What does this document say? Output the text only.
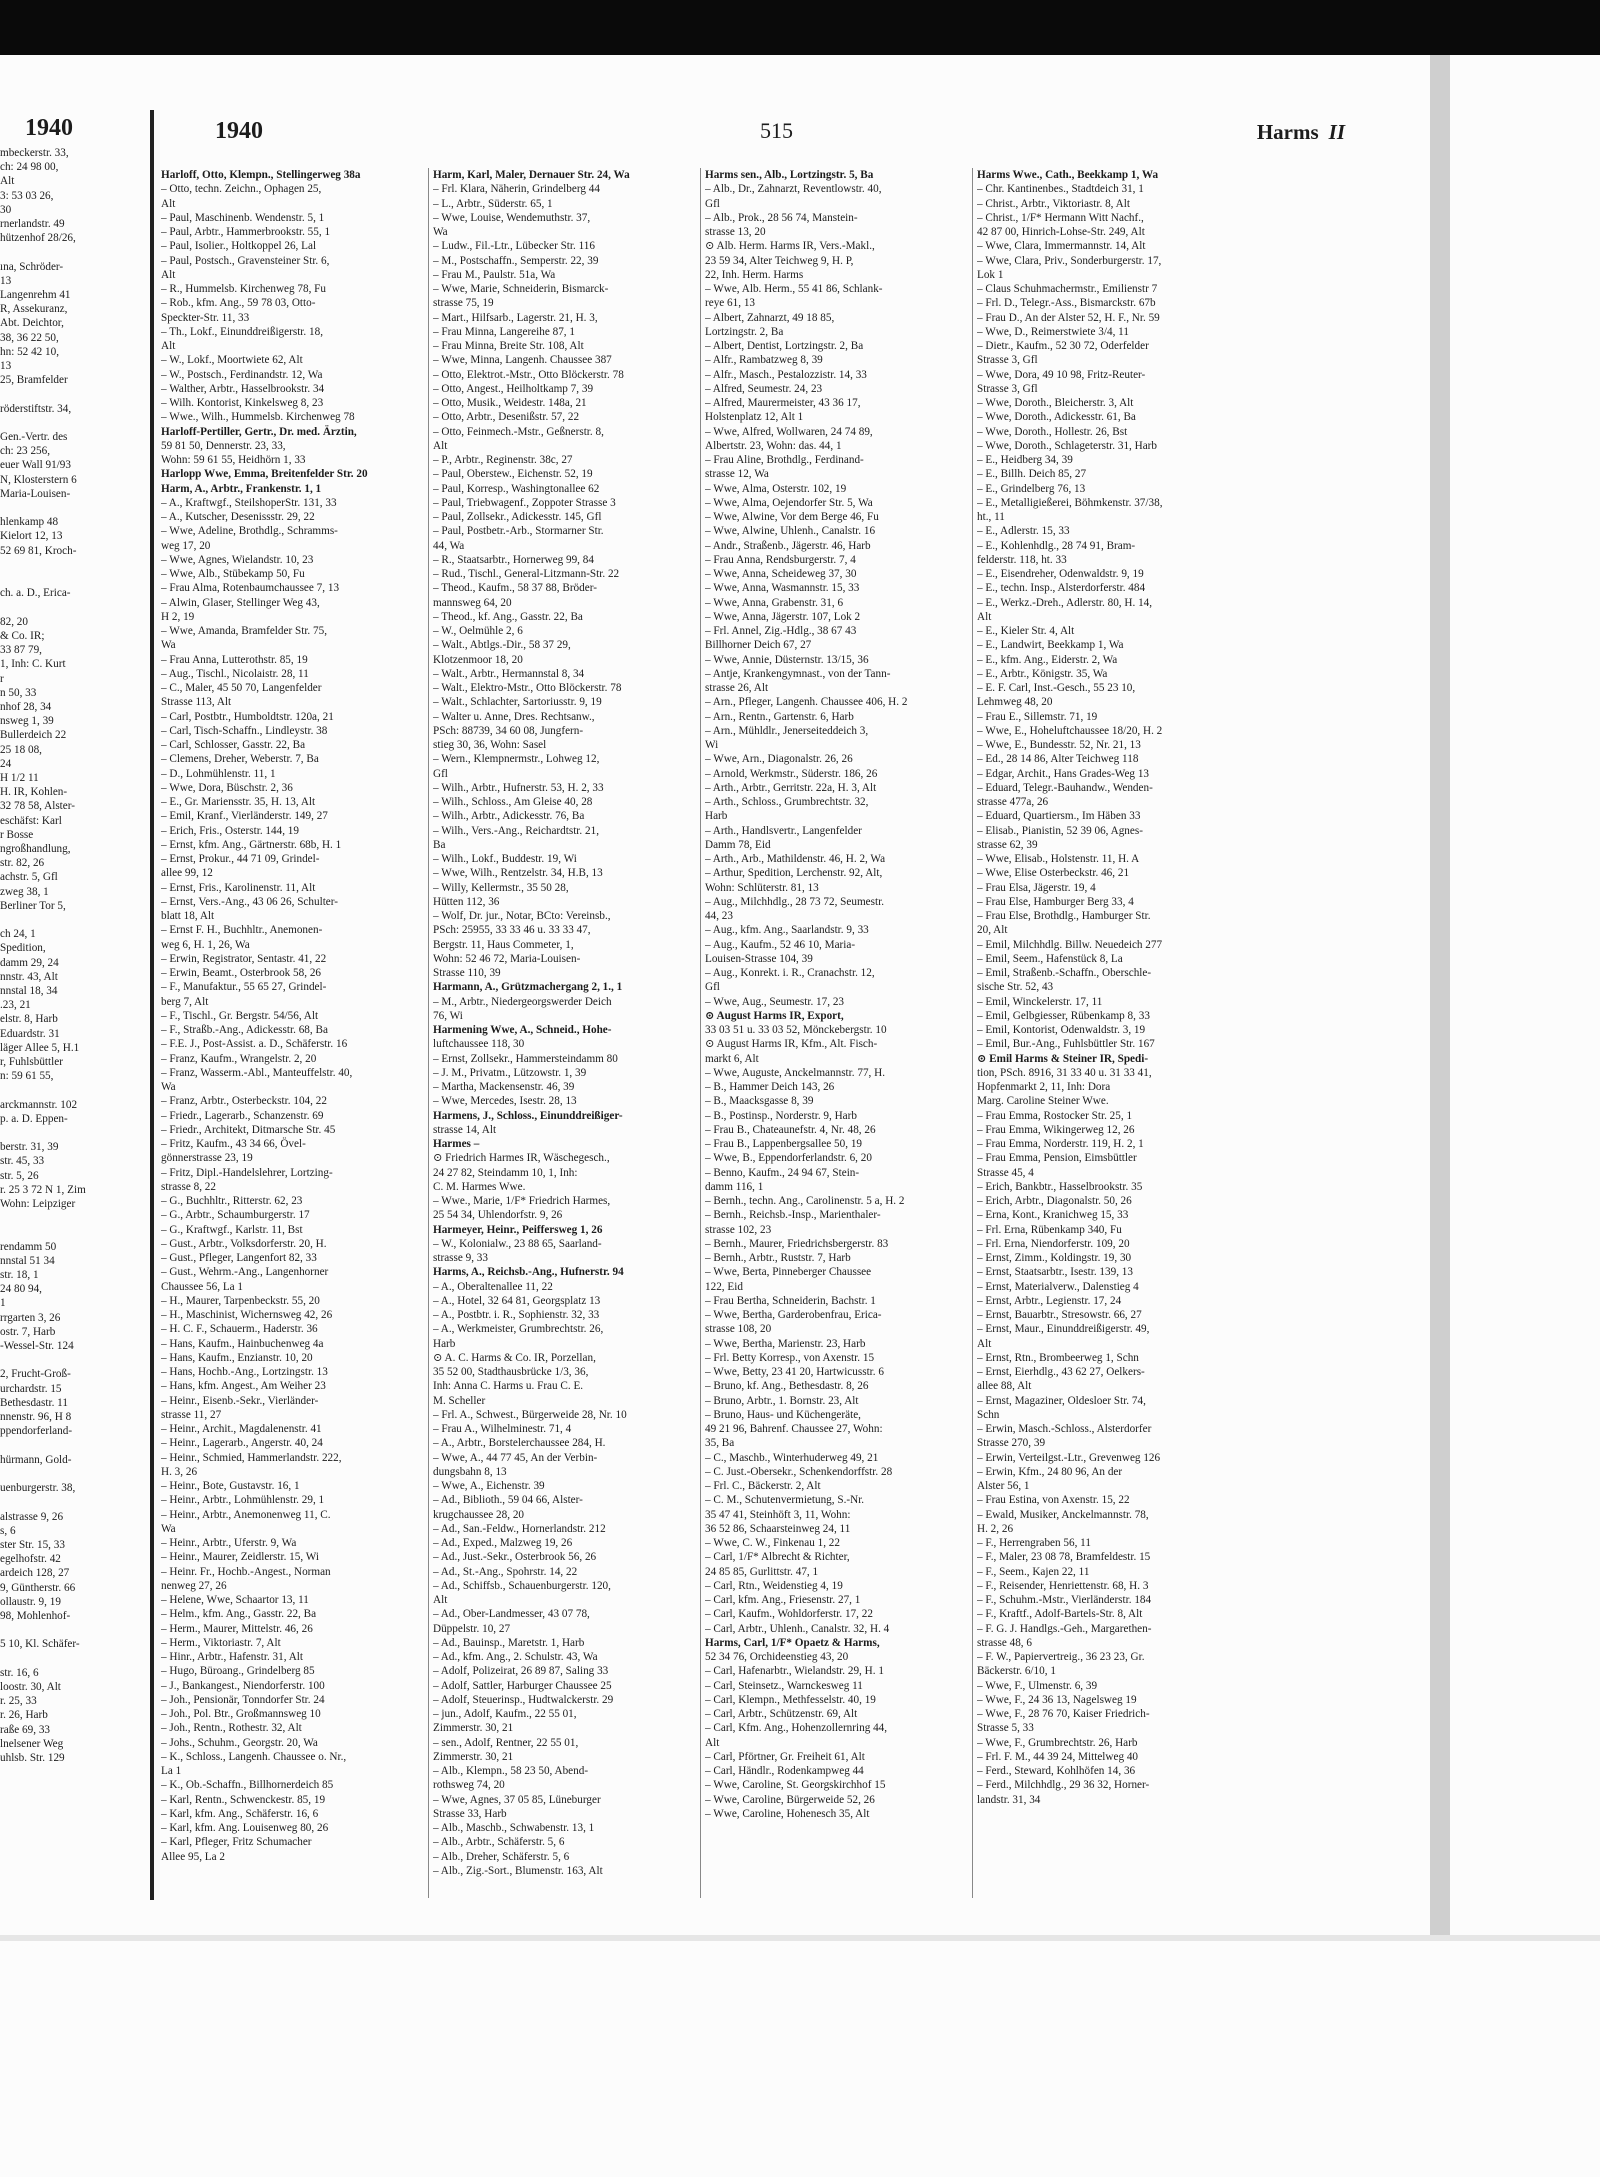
1940
mbeckerstr. 33,
ch: 24 98 00,
Alt
3: 53 03 26,
30
rnerlandstr. 49
hützenhof 28/26,

ına, Schröder-
13
Langenrehm 41
R, Assekuranz,
Abt. Deichtor,
38, 36 22 50,
hn: 52 42 10,
13
25, Bramfelder

röderstiftstr. 34,

Gen.-Vertr. des
ch: 23 256,
euer Wall 91/93
N, Klosterstern 6
Maria-Louisen-

hlenkamp 48
Kielort 12, 13
52 69 81, Kroch-

ch. a. D., Erica-

82, 20
& Co. IR;
33 87 79,
1, Inh: C. Kurt
r
n 50, 33
nhof 28, 34
nsweg 1, 39
Bullerdeich 22
25 18 08,
24
H 1/2 11
H. IR, Kohlen-
32 78 58, Alster-
eschäfst: Karl
r Bosse
ngroßhandlung,
str. 82, 26
achstr. 5, Gfl
zweg 38, 1
Berliner Tor 5,

ch 24, 1
Spedition,
damm 29, 24
nnstr. 43, Alt
nnstal 18, 34
.23, 21
elstr. 8, Harb
Eduardstr. 31
läger Allee 5, H.1
r, Fuhlsbüttler
n: 59 61 55,

arckmannstr. 102
p. a. D. Eppen-

berstr. 31, 39
str. 45, 33
str. 5, 26
r. 25 3 72 N 1, Zim
Wohn: Leipziger

rendamm 50
nnstal 51 34
str. 18, 1
24 80 94,
1
rrgarten 3, 26
ostr. 7, Harb
-Wessel-Str. 124

2, Frucht-Groß-
urchardstr. 15
Bethesdastr. 11
nnenstr. 96, H 8
ppendorferland-

hürmann, Gold-

uenburgerstr. 38,

alstrasse 9, 26
s, 6
ster Str. 15, 33
egelhofstr. 42
ardeich 128, 27
9, Güntherstr. 66
ollaustr. 9, 19
98, Mohlenhof-

5 10, Kl. Schäfer-

str. 16, 6
loostr. 30, Alt
r. 25, 33
r. 26, Harb
raße 69, 33
lnelsener Weg
uhlsb. Str. 129
1940	515	Harms II
Harloff, Otto, Klempn., Stellingerweg 38a
– Otto, techn. Zeichn., Ophagen 25,
Alt
– Paul, Maschinenb. Wendenstr. 5, 1
– Paul, Arbtr., Hammerbrookstr. 55, 1
– Paul, Isolier., Holtkoppel 26, Lal
– Paul, Postsch., Gravensteiner Str. 6,
Alt
– R., Hummelsb. Kirchenweg 78, Fu
– Rob., kfm. Ang., 59 78 03, Otto-
Speckter-Str. 11, 33
– Th., Lokf., Einunddreißigerstr. 18,
Alt
– W., Lokf., Moortwiete 62, Alt
– W., Postsch., Ferdinandstr. 12, Wa
– Walther, Arbtr., Hasselbrookstr. 34
– Wilh. Kontorist, Kinkelsweg 8, 23
– Wwe., Wilh., Hummelsb. Kirchenweg 78
Harloff-Pertiller, Gertr., Dr. med. Ärztin,
59 81 50, Dennerstr. 23, 33,
Wohn: 59 61 55, Heidhörn 1, 33
Harlopp Wwe, Emma, Breitenfelder Str. 20
Harm, A., Arbtr., Frankenstr. 1, 1
– A., Kraftwgf., SteilshoperStr. 131, 33
– A., Kutscher, Desenissstr. 29, 22
– Wwe, Adeline, Brothdlg., Schramms-
weg 17, 20
– Wwe, Agnes, Wielandstr. 10, 23
– Wwe, Alb., Stübekamp 50, Fu
– Frau Alma, Rotenbaumchaussee 7, 13
– Alwin, Glaser, Stellinger Weg 43,
H 2, 19
– Wwe, Amanda, Bramfelder Str. 75,
Wa
– Frau Anna, Lutterothstr. 85, 19
– Aug., Tischl., Nicolaistr. 28, 11
– C., Maler, 45 50 70, Langenfelder
Strasse 113, Alt
– Carl, Postbtr., Humboldtstr. 120a, 21
– Carl, Tisch-Schaffn., Lindleystr. 38
– Carl, Schlosser, Gasstr. 22, Ba
– Clemens, Dreher, Weberstr. 7, Ba
– D., Lohmühlenstr. 11, 1
– Wwe, Dora, Büschstr. 2, 36
– E., Gr. Mariensstr. 35, H. 13, Alt
– Emil, Kranf., Vierländerstr. 149, 27
– Erich, Fris., Osterstr. 144, 19
– Ernst, kfm. Ang., Gärtnerstr. 68b, H. 1
– Ernst, Prokur., 44 71 09, Grindel-
allee 99, 12
– Ernst, Fris., Karolinenstr. 11, Alt
– Ernst, Vers.-Ang., 43 06 26, Schulter-
blatt 18, Alt
– Ernst F. H., Buchhltr., Anemonen-
weg 6, H. 1, 26, Wa
– Erwin, Registrator, Sentastr. 41, 22
– Erwin, Beamt., Osterbrook 58, 26
– F., Manufaktur., 55 65 27, Grindel-
berg 7, Alt
– F., Tischl., Gr. Bergstr. 54/56, Alt
– F., Straßb.-Ang., Adickesstr. 68, Ba
– F.E. J., Post-Assist. a. D., Schäferstr. 16
– Franz, Kaufm., Wrangelstr. 2, 20
– Franz, Wasserm.-Abl., Manteuffelstr. 40,
Wa
– Franz, Arbtr., Osterbeckstr. 104, 22
– Friedr., Lagerarb., Schanzenstr. 69
– Friedr., Architekt, Ditmarsche Str. 45
– Fritz, Kaufm., 43 34 66, Övel-
gönnerstrasse 23, 19
– Fritz, Dipl.-Handelslehrer, Lortzing-
strasse 8, 22
– G., Buchhltr., Ritterstr. 62, 23
– G., Arbtr., Schaumburgerstr. 17
– G., Kraftwgf., Karlstr. 11, Bst
– Gust., Arbtr., Volksdorferstr. 20, H.
– Gust., Pfleger, Langenfort 82, 33
– Gust., Wehrm.-Ang., Langenhorner
Chaussee 56, La 1
– H., Maurer, Tarpenbeckstr. 55, 20
– H., Maschinist, Wichernsweg 42, 26
– H. C. F., Schauerm., Haderstr. 36
– Hans, Kaufm., Hainbuchenweg 4a
– Hans, Kaufm., Enzianstr. 10, 20
– Hans, Hochb.-Ang., Lortzingstr. 13
– Hans, kfm. Angest., Am Weiher 23
– Heinr., Eisenb.-Sekr., Vierländer-
strasse 11, 27
– Heinr., Archit., Magdalenenstr. 41
– Heinr., Lagerarb., Angerstr. 40, 24
– Heinr., Schmied, Hammerlandstr. 222,
H. 3, 26
– Heinr., Bote, Gustavstr. 16, 1
– Heinr., Arbtr., Lohmühlenstr. 29, 1
– Heinr., Arbtr., Anemonenweg 11, C.
Wa
– Heinr., Arbtr., Uferstr. 9, Wa
– Heinr., Maurer, Zeidlerstr. 15, Wi
– Heinr. Fr., Hochb.-Angest., Norman
nenweg 27, 26
– Helene, Wwe, Schaartor 13, 11
– Helm., kfm. Ang., Gasstr. 22, Ba
– Herm., Maurer, Mittelstr. 46, 26
– Herm., Viktoriastr. 7, Alt
– Hinr., Arbtr., Hafenstr. 31, Alt
– Hugo, Büroang., Grindelberg 85
– J., Bankangest., Niendorferstr. 100
– Joh., Pensionär, Tonndorfer Str. 24
– Joh., Pol. Btr., Großmannsweg 10
– Joh., Rentn., Rothestr. 32, Alt
– Johs., Schuhm., Georgstr. 20, Wa
– K., Schloss., Langenh. Chaussee o. Nr.,
La 1
– K., Ob.-Schaffn., Billhornerdeich 85
– Karl, Rentn., Schwenckestr. 85, 19
– Karl, kfm. Ang., Schäferstr. 16, 6
– Karl, kfm. Ang. Louisenweg 80, 26
– Karl, Pfleger, Fritz Schumacher
Allee 95, La 2
Harm, Karl, Maler, Dernauer Str. 24, Wa
– Frl. Klara, Näherin, Grindelberg 44
– L., Arbtr., Süderstr. 65, 1
– Wwe, Louise, Wendemuthstr. 37,
Wa
– Ludw., Fil.-Ltr., Lübecker Str. 116
– M., Postschaffn., Semperstr. 22, 39
– Frau M., Paulstr. 51a, Wa
– Wwe, Marie, Schneiderin, Bismarck-
strasse 75, 19
– Mart., Hilfsarb., Lagerstr. 21, H. 3,
– Frau Minna, Langereihe 87, 1
– Frau Minna, Breite Str. 108, Alt
– Wwe, Minna, Langenh. Chaussee 387
– Otto, Elektrot.-Mstr., Otto Blöckerstr. 78
– Otto, Angest., Heilholtkamp 7, 39
– Otto, Musik., Weidestr. 148a, 21
– Otto, Arbtr., Desenißstr. 57, 22
– Otto, Feinmech.-Mstr., Geßnerstr. 8,
Alt
– P., Arbtr., Reginenstr. 38c, 27
– Paul, Oberstew., Eichenstr. 52, 19
– Paul, Korresp., Washingtonallee 62
– Paul, Triebwagenf., Zoppoter Strasse 3
– Paul, Zollsekr., Adickesstr. 145, Gfl
– Paul, Postbetr.-Arb., Stormarner Str.
44, Wa
– R., Staatsarbtr., Hornerweg 99, 84
– Rud., Tischl., General-Litzmann-Str. 22
– Theod., Kaufm., 58 37 88, Bröder-
mannsweg 64, 20
– Theod., kf. Ang., Gasstr. 22, Ba
– W., Oelmühle 2, 6
– Walt., Abtlgs.-Dir., 58 37 29,
Klotzenmoor 18, 20
– Walt., Arbtr., Hermannstal 8, 34
– Walt., Elektro-Mstr., Otto Blöckerstr. 78
– Walt., Schlachter, Sartoriusstr. 9, 19
– Walter u. Anne, Dres. Rechtsanw.,
PSch: 88739, 34 60 08, Jungfern-
stieg 30, 36, Wohn: Sasel
– Wern., Klempnermstr., Lohweg 12,
Gfl
– Wilh., Arbtr., Hufnerstr. 53, H. 2, 33
– Wilh., Schloss., Am Gleise 40, 28
– Wilh., Arbtr., Adickesstr. 76, Ba
– Wilh., Vers.-Ang., Reichardtstr. 21,
Ba
– Wilh., Lokf., Buddestr. 19, Wi
– Wwe, Wilh., Rentzelstr. 34, H.B, 13
– Willy, Kellermstr., 35 50 28,
Hütten 112, 36
– Wolf, Dr. jur., Notar, BCto: Vereinsb.,
PSch: 25955, 33 33 46 u. 33 33 47,
Bergstr. 11, Haus Commeter, 1,
Wohn: 52 46 72, Maria-Louisen-
Strasse 110, 39
Harmann, A., Grützmachergang 2, 1., 1
– M., Arbtr., Niedergeorgswerder Deich
76, Wi
Harmening Wwe, A., Schneid., Hohe-
luftchaussee 118, 30
– Ernst, Zollsekr., Hammersteindamm 80
– J. M., Privatm., Lützowstr. 1, 39
– Martha, Mackensenstr. 46, 39
– Wwe, Mercedes, Isestr. 28, 13
Harmens, J., Schloss., Einunddreißiger-
strasse 14, Alt
Harmes –
⊙ Friedrich Harmes IR, Wäschegesch.,
24 27 82, Steindamm 10, 1, Inh:
C. M. Harmes Wwe.
– Wwe., Marie, 1/F* Friedrich Harmes,
25 54 34, Uhlendorfstr. 9, 26
Harmeyer, Heinr., Peiffersweg 1, 26
– W., Kolonialw., 23 88 65, Saarland-
strasse 9, 33
Harms, A., Reichsb.-Ang., Hufnerstr. 94
– A., Oberaltenallee 11, 22
– A., Hotel, 32 64 81, Georgsplatz 13
– A., Postbtr. i. R., Sophienstr. 32, 33
– A., Werkmeister, Grumbrechtstr. 26,
Harb
⊙ A. C. Harms & Co. IR, Porzellan,
35 52 00, Stadthausbrücke 1/3, 36,
Inh: Anna C. Harms u. Frau C. E.
M. Scheller
– Frl. A., Schwest., Bürgerweide 28, Nr. 10
– Frau A., Wilhelminestr. 71, 4
– A., Arbtr., Borstelerchaussee 284, H.
– Wwe, A., 44 77 45, An der Verbin-
dungsbahn 8, 13
– Wwe, A., Eichenstr. 39
– Ad., Biblioth., 59 04 66, Alster-
krugchaussee 28, 20
– Ad., San.-Feldw., Hornerlandstr. 212
– Ad., Exped., Malzweg 19, 26
– Ad., Just.-Sekr., Osterbrook 56, 26
– Ad., St.-Ang., Spohrstr. 14, 22
– Ad., Schiffsb., Schauenburgerstr. 120,
Alt
– Ad., Ober-Landmesser, 43 07 78,
Düppelstr. 10, 27
– Ad., Bauinsp., Maretstr. 1, Harb
– Ad., kfm. Ang., 2. Schulstr. 43, Wa
– Adolf, Polizeirat, 26 89 87, Saling 33
– Adolf, Sattler, Harburger Chaussee 25
– Adolf, Steuerinsp., Hudtwalckerstr. 29
– jun., Adolf, Kaufm., 22 55 01,
Zimmerstr. 30, 21
– sen., Adolf, Rentner, 22 55 01,
Zimmerstr. 30, 21
– Alb., Klempn., 58 23 50, Abend-
rothsweg 74, 20
– Wwe, Agnes, 37 05 85, Lüneburger
Strasse 33, Harb
– Alb., Maschb., Schwabenstr. 13, 1
– Alb., Arbtr., Schäferstr. 5, 6
– Alb., Dreher, Schäferstr. 5, 6
– Alb., Zig.-Sort., Blumenstr. 163, Alt
Harms sen., Alb., Lortzingstr. 5, Ba
– Alb., Dr., Zahnarzt, Reventlowstr. 40,
Gfl
– Alb., Prok., 28 56 74, Manstein-
strasse 13, 20
⊙ Alb. Herm. Harms IR, Vers.-Makl.,
23 59 34, Alter Teichweg 9, H. P,
22, Inh. Herm. Harms
– Wwe, Alb. Herm., 55 41 86, Schlank-
reye 61, 13
– Albert, Zahnarzt, 49 18 85,
Lortzingstr. 2, Ba
– Albert, Dentist, Lortzingstr. 2, Ba
– Alfr., Rambatzweg 8, 39
– Alfr., Masch., Pestalozzistr. 14, 33
– Alfred, Seumestr. 24, 23
– Alfred, Maurermeister, 43 36 17,
Holstenplatz 12, Alt 1
– Wwe, Alfred, Wollwaren, 24 74 89,
Albertstr. 23, Wohn: das. 44, 1
– Frau Aline, Brothdlg., Ferdinand-
strasse 12, Wa
– Wwe, Alma, Osterstr. 102, 19
– Wwe, Alma, Oejendorfer Str. 5, Wa
– Wwe, Alwine, Vor dem Berge 46, Fu
– Wwe, Alwine, Uhlenh., Canalstr. 16
– Andr., Straßenb., Jägerstr. 46, Harb
– Frau Anna, Rendsburgerstr. 7, 4
– Wwe, Anna, Scheideweg 37, 30
– Wwe, Anna, Wasmannstr. 15, 33
– Wwe, Anna, Grabenstr. 31, 6
– Wwe, Anna, Jägerstr. 107, Lok 2
– Frl. Annel, Zig.-Hdlg., 38 67 43
Billhorner Deich 67, 27
– Wwe, Annie, Düsternstr. 13/15, 36
– Antje, Krankengymnast., von der Tann-
strasse 26, Alt
– Arn., Pfleger, Langenh. Chaussee 406, H. 2
– Arn., Rentn., Gartenstr. 6, Harb
– Arn., Mühldlr., Jenerseiteddeich 3,
Wi
– Wwe, Arn., Diagonalstr. 26, 26
– Arnold, Werkmstr., Süderstr. 186, 26
– Arth., Arbtr., Gerritstr. 22a, H. 3, Alt
– Arth., Schloss., Grumbrechtstr. 32,
Harb
– Arth., Handlsvertr., Langenfelder
Damm 78, Eid
– Arth., Arb., Mathildenstr. 46, H. 2, Wa
– Arthur, Spedition, Lerchenstr. 92, Alt,
Wohn: Schlüterstr. 81, 13
– Aug., Milchhdlg., 28 73 72, Seumestr.
44, 23
– Aug., kfm. Ang., Saarlandstr. 9, 33
– Aug., Kaufm., 52 46 10, Maria-
Louisen-Strasse 104, 39
– Aug., Konrekt. i. R., Cranachstr. 12,
Gfl
– Wwe, Aug., Seumestr. 17, 23
⊙ August Harms IR, Export,
33 03 51 u. 33 03 52, Mönckebergstr. 10
⊙ August Harms IR, Kfm., Alt. Fisch-
markt 6, Alt
– Wwe, Auguste, Anckelmannstr. 77, H.
– B., Hammer Deich 143, 26
– B., Maacksgasse 8, 39
– B., Postinsp., Norderstr. 9, Harb
– Frau B., Chateaunefstr. 4, Nr. 48, 26
– Frau B., Lappenbergsallee 50, 19
– Wwe, B., Eppendorferlandstr. 6, 20
– Benno, Kaufm., 24 94 67, Stein-
damm 116, 1
– Bernh., techn. Ang., Carolinenstr. 5 a, H. 2
– Bernh., Reichsb.-Insp., Marienthaler-
strasse 102, 23
– Bernh., Maurer, Friedrichsbergerstr. 83
– Bernh., Arbtr., Ruststr. 7, Harb
– Wwe, Berta, Pinneberger Chaussee
122, Eid
– Frau Bertha, Schneiderin, Bachstr. 1
– Wwe, Bertha, Garderobenfrau, Erica-
strasse 108, 20
– Wwe, Bertha, Marienstr. 23, Harb
– Frl. Betty Korresp., von Axenstr. 15
– Wwe, Betty, 23 41 20, Hartwicusstr. 6
– Bruno, kf. Ang., Bethesdastr. 8, 26
– Bruno, Arbtr., 1. Bornstr. 23, Alt
– Bruno, Haus- und Küchengeräte,
49 21 96, Bahrenf. Chaussee 27, Wohn:
35, Ba
– C., Maschb., Winterhuderweg 49, 21
– C. Just.-Obersekr., Schenkendorffstr. 28
– Frl. C., Bäckerstr. 2, Alt
– C. M., Schutenvermietung, S.-Nr.
35 47 41, Steinhöft 3, 11, Wohn:
36 52 86, Schaarsteinweg 24, 11
– Wwe, C. W., Finkenau 1, 22
– Carl, 1/F* Albrecht & Richter,
24 85 85, Gurlittstr. 47, 1
– Carl, Rtn., Weidenstieg 4, 19
– Carl, kfm. Ang., Friesenstr. 27, 1
– Carl, Kaufm., Wohldorferstr. 17, 22
– Carl, Arbtr., Uhlenh., Canalstr. 32, H. 4
Harms, Carl, 1/F* Opaetz & Harms,
52 34 76, Orchideenstieg 43, 20
– Carl, Hafenarbtr., Wielandstr. 29, H. 1
– Carl, Steinsetz., Warnckesweg 11
– Carl, Klempn., Methfesselstr. 40, 19
– Carl, Arbtr., Schützenstr. 69, Alt
– Carl, Kfm. Ang., Hohenzollernring 44,
Alt
– Carl, Pförtner, Gr. Freiheit 61, Alt
– Carl, Händlr., Rodenkampweg 44
– Wwe, Caroline, St. Georgskirchhof 15
– Wwe, Caroline, Bürgerweide 52, 26
– Wwe, Caroline, Hohenesch 35, Alt
Harms Wwe., Cath., Beekkamp 1, Wa
– Chr. Kantinenbes., Stadtdeich 31, 1
– Christ., Arbtr., Viktoriastr. 8, Alt
– Christ., 1/F* Hermann Witt Nachf.,
42 87 00, Hinrich-Lohse-Str. 249, Alt
– Wwe, Clara, Immermannstr. 14, Alt
– Wwe, Clara, Priv., Sonderburgerstr. 17,
Lok 1
– Claus Schuhmachermstr., Emilienstr 7
– Frl. D., Telegr.-Ass., Bismarckstr. 67b
– Frau D., An der Alster 52, H. F., Nr. 59
– Wwe, D., Reimerstwiete 3/4, 11
– Dietr., Kaufm., 52 30 72, Oderfelder
Strasse 3, Gfl
– Wwe, Dora, 49 10 98, Fritz-Reuter-
Strasse 3, Gfl
– Wwe, Doroth., Bleicherstr. 3, Alt
– Wwe, Doroth., Adickesstr. 61, Ba
– Wwe, Doroth., Hollestr. 26, Bst
– Wwe, Doroth., Schlageterstr. 31, Harb
– E., Heidberg 34, 39
– E., Billh. Deich 85, 27
– E., Grindelberg 76, 13
– E., Metalligießerei, Böhmkenstr. 37/38,
ht., 11
– E., Adlerstr. 15, 33
– E., Kohlenhdlg., 28 74 91, Bram-
felderstr. 118, ht. 33
– E., Eisendreher, Odenwaldstr. 9, 19
– E., techn. Insp., Alsterdorferstr. 484
– E., Werkz.-Dreh., Adlerstr. 80, H. 14,
Alt
– E., Kieler Str. 4, Alt
– E., Landwirt, Beekkamp 1, Wa
– E., kfm. Ang., Eiderstr. 2, Wa
– E., Arbtr., Königstr. 35, Wa
– E. F. Carl, Inst.-Gesch., 55 23 10,
Lehmweg 48, 20
– Frau E., Sillemstr. 71, 19
– Wwe, E., Hoheluftchaussee 18/20, H. 2
– Wwe, E., Bundesstr. 52, Nr. 21, 13
– Ed., 28 14 86, Alter Teichweg 118
– Edgar, Archit., Hans Grades-Weg 13
– Eduard, Telegr.-Bauhandw., Wenden-
strasse 477a, 26
– Eduard, Quartiersm., Im Häben 33
– Elisab., Pianistin, 52 39 06, Agnes-
strasse 62, 39
– Wwe, Elisab., Holstenstr. 11, H. A
– Wwe, Elise Osterbeckstr. 46, 21
– Frau Elsa, Jägerstr. 19, 4
– Frau Else, Hamburger Berg 33, 4
– Frau Else, Brothdlg., Hamburger Str.
20, Alt
– Emil, Milchhdlg. Billw. Neuedeich 277
– Emil, Seem., Hafenstück 8, La
– Emil, Straßenb.-Schaffn., Oberschle-
sische Str. 52, 43
– Emil, Winckelerstr. 17, 11
– Emil, Gelbgiesser, Rübenkamp 8, 33
– Emil, Kontorist, Odenwaldstr. 3, 19
– Emil, Bur.-Ang., Fuhlsbüttler Str. 167
⊙ Emil Harms & Steiner IR, Spedi-
tion, PSch. 8916, 31 33 40 u. 31 33 41,
Hopfenmarkt 2, 11, Inh: Dora
Marg. Caroline Steiner Wwe.
– Frau Emma, Rostocker Str. 25, 1
– Frau Emma, Wikingerweg 12, 26
– Frau Emma, Norderstr. 119, H. 2, 1
– Frau Emma, Pension, Eimsbüttler
Strasse 45, 4
– Erich, Bankbtr., Hasselbrookstr. 35
– Erich, Arbtr., Diagonalstr. 50, 26
– Erna, Kont., Kranichweg 15, 33
– Frl. Erna, Rübenkamp 340, Fu
– Frl. Erna, Niendorferstr. 109, 20
– Ernst, Zimm., Koldingstr. 19, 30
– Ernst, Staatsarbtr., Isestr. 139, 13
– Ernst, Materialverw., Dalenstieg 4
– Ernst, Arbtr., Legienstr. 17, 24
– Ernst, Bauarbtr., Stresowstr. 66, 27
– Ernst, Maur., Einunddreißigerstr. 49,
Alt
– Ernst, Rtn., Brombeerweg 1, Schn
– Ernst, Eierhdlg., 43 62 27, Oelkers-
allee 88, Alt
– Ernst, Magaziner, Oldesloer Str. 74,
Schn
– Erwin, Masch.-Schloss., Alsterdorfer
Strasse 270, 39
– Erwin, Verteilgst.-Ltr., Grevenweg 126
– Erwin, Kfm., 24 80 96, An der
Alster 56, 1
– Frau Estina, von Axenstr. 15, 22
– Ewald, Musiker, Anckelmannstr. 78,
H. 2, 26
– F., Herrengraben 56, 11
– F., Maler, 23 08 78, Bramfeldestr. 15
– F., Seem., Kajen 22, 11
– F., Reisender, Henriettenstr. 68, H. 3
– F., Schuhm.-Mstr., Vierländerstr. 184
– F., Kraftf., Adolf-Bartels-Str. 8, Alt
– F. G. J. Handlgs.-Geh., Margarethen-
strasse 48, 6
– F. W., Papiervertreig., 36 23 23, Gr.
Bäckerstr. 6/10, 1
– Wwe, F., Ulmenstr. 6, 39
– Wwe, F., 24 36 13, Nagelsweg 19
– Wwe, F., 28 76 70, Kaiser Friedrich-
Strasse 5, 33
– Wwe, F., Grumbrechtstr. 26, Harb
– Frl. F. M., 44 39 24, Mittelweg 40
– Ferd., Steward, Kohlhöfen 14, 36
– Ferd., Milchhdlg., 29 36 32, Horner-
landstr. 31, 34
